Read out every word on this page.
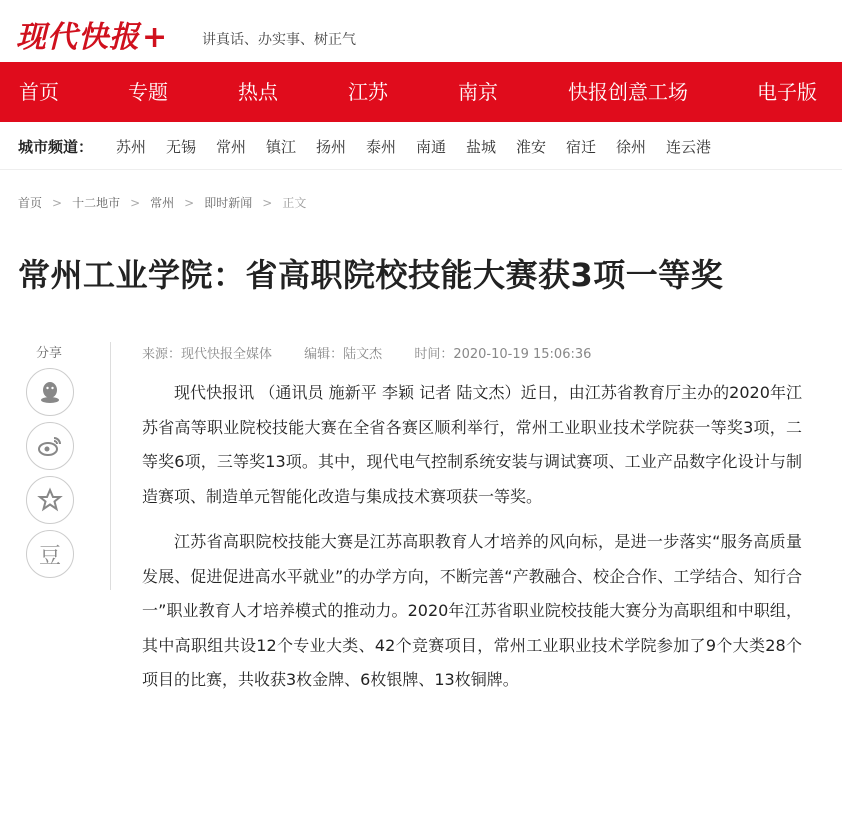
现代快报 + 讲真话、办实事、树正气
首页	专题	热点	江苏	南京	快报创意工场	电子版
城市频道： 苏州 无锡 常州 镇江 扬州 泰州 南通 盐城 淮安 宿迁 徐州 连云港
首页 > 十二地市 > 常州 > 即时新闻 > 正文
常州工业学院：省高职院校技能大赛获3项一等奖
分享
豆
来源：现代快报全媒体 编辑：陆文杰 时间：2020-10-19 15:06:36

现代快报讯 （通讯员 施新平 李颖 记者 陆文杰）近日，由江苏省教育厅主办的2020年江苏省高等职业院校技能大赛在全省各赛区顺利举行，常州工业职业技术学院获一等奖3项，二等奖6项，三等奖13项。其中，现代电气控制系统安装与调试赛项、工业产品数字化设计与制造赛项、制造单元智能化改造与集成技术赛项获一等奖。

江苏省高职院校技能大赛是江苏高职教育人才培养的风向标，是进一步落实“服务高质量发展、促进促进高水平就业”的办学方向，不断完善“产教融合、校企合作、工学结合、知行合一”职业教育人才培养模式的推动力。2020年江苏省职业院校技能大赛分为高职组和中职组，其中高职组共设12个专业大类、42个竞赛项目，常州工业职业技术学院参加了9个大类28个项目的比赛，共收获3枚金牌、6枚银牌、13枚铜牌。
